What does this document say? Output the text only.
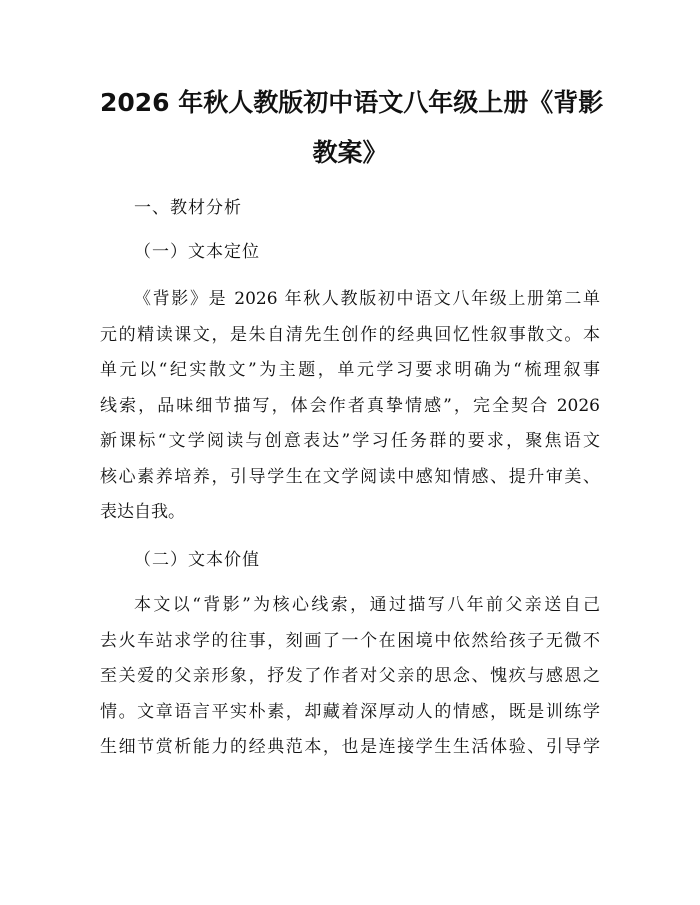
2026 年秋人教版初中语文八年级上册《背影
教案》

一、教材分析

（一）文本定位

《背影》是 2026 年秋人教版初中语文八年级上册第二单
元的精读课文，是朱自清先生创作的经典回忆性叙事散文。本
单元以“纪实散文”为主题，单元学习要求明确为“梳理叙事
线索，品味细节描写，体会作者真挚情感”，完全契合 2026
新课标“文学阅读与创意表达”学习任务群的要求，聚焦语文
核心素养培养，引导学生在文学阅读中感知情感、提升审美、
表达自我。

（二）文本价值

本文以“背影”为核心线索，通过描写八年前父亲送自己
去火车站求学的往事，刻画了一个在困境中依然给孩子无微不
至关爱的父亲形象，抒发了作者对父亲的思念、愧疚与感恩之
情。文章语言平实朴素，却藏着深厚动人的情感，既是训练学
生细节赏析能力的经典范本，也是连接学生生活体验、引导学
